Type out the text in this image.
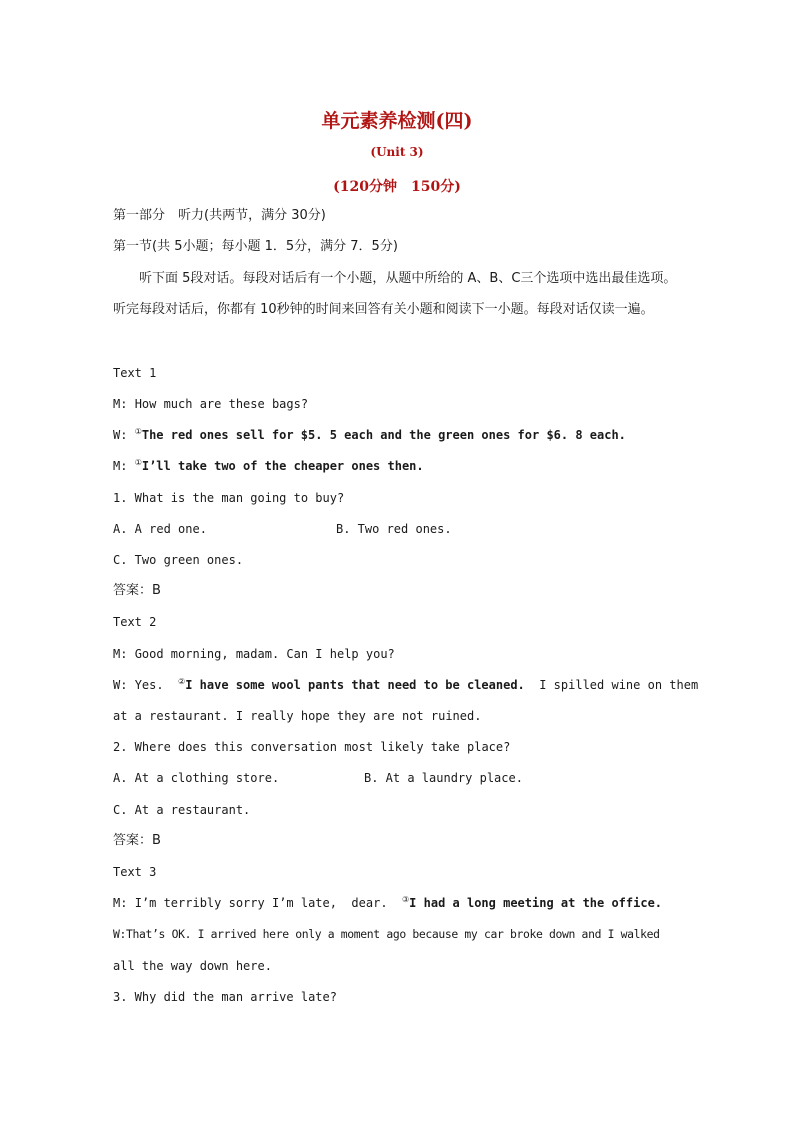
单元素养检测(四)
(Unit 3)
(120分钟　150分)
第一部分　听力(共两节，满分 30分)
第一节(共 5小题；每小题 1．5分，满分 7．5分)
听下面 5段对话。每段对话后有一个小题，从题中所给的 A、B、C三个选项中选出最佳选项。听完每段对话后，你都有 10秒钟的时间来回答有关小题和阅读下一小题。每段对话仅读一遍。
Text 1
M: How much are these bags?
W: ①The red ones sell for $5. 5 each and the green ones for $6. 8 each.
M: ①I’ll take two of the cheaper ones then.
1. What is the man going to buy?
A. A red one.	B. Two red ones.
C. Two green ones.
答案：B
Text 2
M: Good morning, madam. Can I help you?
W: Yes.  ②I have some wool pants that need to be cleaned.  I spilled wine on them
at a restaurant. I really hope they are not ruined.
2. Where does this conversation most likely take place?
A. At a clothing store.	B. At a laundry place.
C. At a restaurant.
答案：B
Text 3
M: I’m terribly sorry I’m late,  dear.  ③I had a long meeting at the office.
W:That’s OK. I arrived here only a moment ago because my car broke down and I walked
all the way down here.
3. Why did the man arrive late?
